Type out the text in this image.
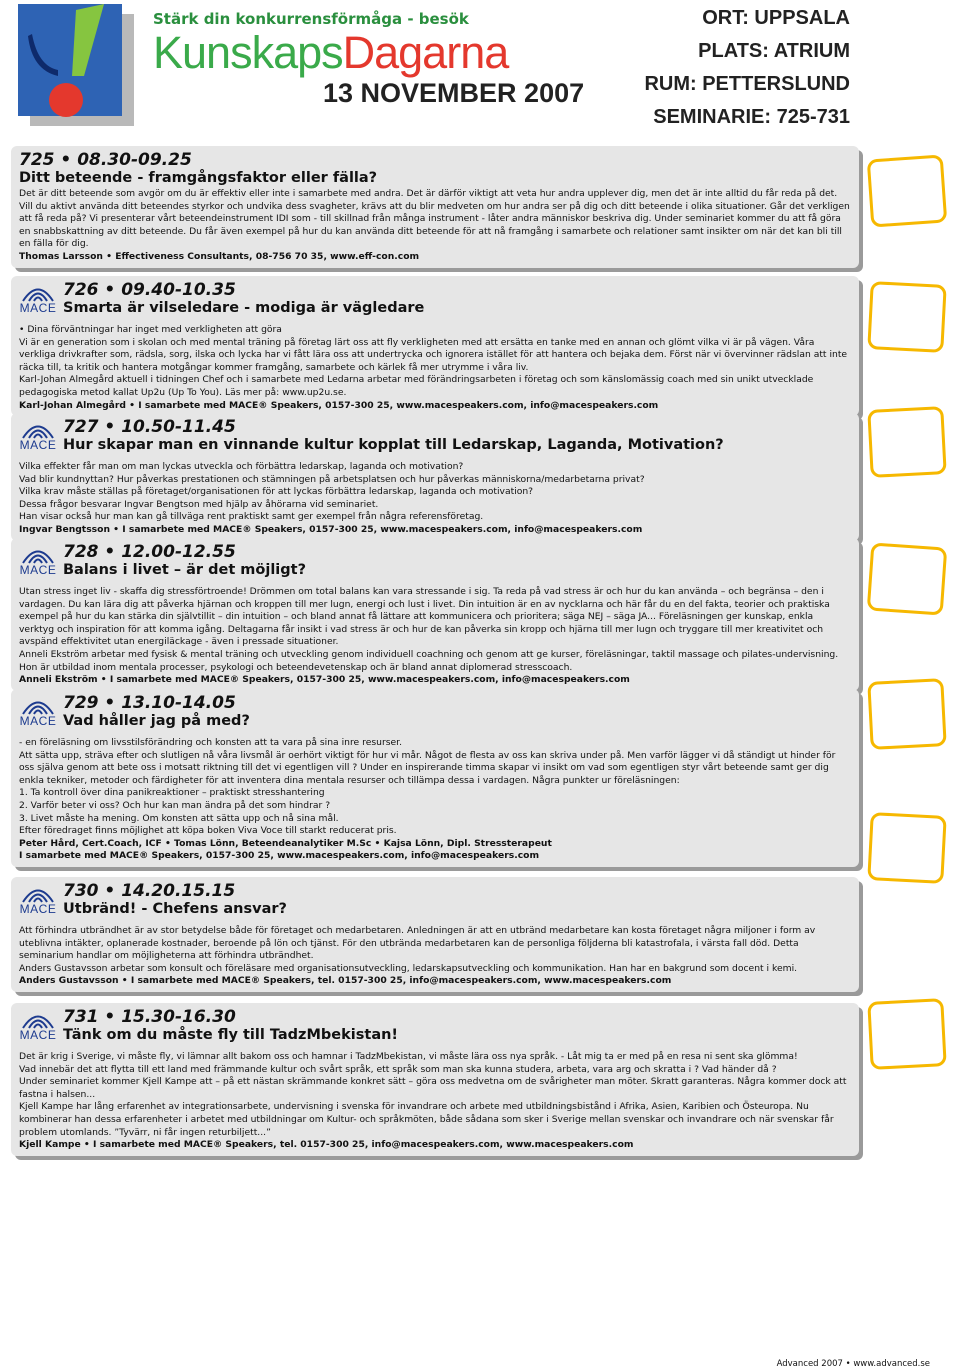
Stärk din konkurrensförmåga - besök
KunskapsDagarna
13 NOVEMBER 2007
ORT: UPPSALA
PLATS: ATRIUM
RUM: PETTERSLUND
SEMINARIE: 725-731
725 • 08.30-09.25
Ditt beteende - framgångsfaktor eller fälla?

Det är ditt beteende som avgör om du är effektiv eller inte i samarbete med andra. Det är därför viktigt att veta hur andra upplever dig, men det är inte alltid du får reda på det. Vill du aktivt använda ditt beteendes styrkor och undvika dess svagheter, krävs att du blir medveten om hur andra ser på dig och ditt beteende i olika situationer. Går det verkligen att få reda på? Vi presenterar vårt beteendeinstrument IDI som - till skillnad från många instrument - låter andra människor beskriva dig. Under seminariet kommer du att få göra en snabbskattning av ditt beteende. Du får även exempel på hur du kan använda ditt beteende för att nå framgång i samarbete och relationer samt insikter om när det kan bli till en fälla för dig.

Thomas Larsson • Effectiveness Consultants, 08-756 70 35, www.eff-con.com

MACE
726 • 09.40-10.35
Smarta är vilseledare - modiga är vägledare

• Dina förväntningar har inget med verkligheten att göra

Vi är en generation som i skolan och med mental träning på företag lärt oss att fly verkligheten med att ersätta en tanke med en annan och glömt vilka vi är på vägen. Våra verkliga drivkrafter som, rädsla, sorg, ilska och lycka har vi fått lära oss att undertrycka och ignorera istället för att hantera och bejaka dem. Först när vi övervinner rädslan att inte räcka till, ta kritik och hantera motgångar kommer framgång, samarbete och kärlek få mer utrymme i våra liv.

Karl-Johan Almegård aktuell i tidningen Chef och i samarbete med Ledarna arbetar med förändringsarbeten i företag och som känslomässig coach med sin unikt utvecklade pedagogiska metod kallat Up2u (Up To You). Läs mer på: www.up2u.se.

Karl-Johan Almegård • I samarbete med MACE® Speakers, 0157-300 25, www.macespeakers.com, info@macespeakers.com

MACE
727 • 10.50-11.45
Hur skapar man en vinnande kultur kopplat till Ledarskap, Laganda, Motivation?

Vilka effekter får man om man lyckas utveckla och förbättra ledarskap, laganda och motivation?

Vad blir kundnyttan? Hur påverkas prestationen och stämningen på arbetsplatsen och hur påverkas människorna/medarbetarna privat?

Vilka krav måste ställas på företaget/organisationen för att lyckas förbättra ledarskap, laganda och motivation?

Dessa frågor besvarar Ingvar Bengtson med hjälp av åhörarna vid seminariet.

Han visar också hur man kan gå tillväga rent praktiskt samt ger exempel från några referensföretag.

Ingvar Bengtsson • I samarbete med MACE® Speakers, 0157-300 25, www.macespeakers.com, info@macespeakers.com

MACE
728 • 12.00-12.55
Balans i livet – är det möjligt?

Utan stress inget liv - skaffa dig stressförtroende! Drömmen om total balans kan vara stressande i sig. Ta reda på vad stress är och hur du kan använda – och begränsa – den i vardagen. Du kan lära dig att påverka hjärnan och kroppen till mer lugn, energi och lust i livet. Din intuition är en av nycklarna och här får du en del fakta, teorier och praktiska exempel på hur du kan stärka din självtillit – din intuition – och bland annat få lättare att kommunicera och prioritera; säga NEJ – säga JA... Föreläsningen ger kunskap, enkla verktyg och inspiration för att komma igång. Deltagarna får insikt i vad stress är och hur de kan påverka sin kropp och hjärna till mer lugn och tryggare till mer kreativitet och avspänd effektivitet utan energiläckage - även i pressade situationer.

Anneli Ekström arbetar med fysisk & mental träning och utveckling genom individuell coachning och genom att ge kurser, föreläsningar, taktil massage och pilates-undervisning. Hon är utbildad inom mentala processer, psykologi och beteendevetenskap och är bland annat diplomerad stresscoach.

Anneli Ekström • I samarbete med MACE® Speakers, 0157-300 25, www.macespeakers.com, info@macespeakers.com

MACE
729 • 13.10-14.05
Vad håller jag på med?

- en föreläsning om livsstilsförändring och konsten att ta vara på sina inre resurser.

Att sätta upp, sträva efter och slutligen nå våra livsmål är oerhört viktigt för hur vi mår. Något de flesta av oss kan skriva under på. Men varför lägger vi då ständigt ut hinder för oss själva genom att bete oss i motsatt riktning till det vi egentligen vill ? Under en inspirerande timma skapar vi insikt om vad som egentligen styr vårt beteende samt ger dig enkla tekniker, metoder och färdigheter för att inventera dina mentala resurser och tillämpa dessa i vardagen. Några punkter ur föreläsningen:

1. Ta kontroll över dina panikreaktioner – praktiskt stresshantering

2. Varför beter vi oss? Och hur kan man ändra på det som hindrar ?

3. Livet måste ha mening. Om konsten att sätta upp och nå sina mål.

Efter föredraget finns möjlighet att köpa boken Viva Voce till starkt reducerat pris.

Peter Hård, Cert.Coach, ICF • Tomas Lönn, Beteendeanalytiker M.Sc • Kajsa Lönn, Dipl. Stressterapeut
I samarbete med MACE® Speakers, 0157-300 25, www.macespeakers.com, info@macespeakers.com

MACE
730 • 14.20.15.15
Utbränd! - Chefens ansvar?

Att förhindra utbrändhet är av stor betydelse både för företaget och medarbetaren. Anledningen är att en utbränd medarbetare kan kosta företaget några miljoner i form av uteblivna intäkter, oplanerade kostnader, beroende på lön och tjänst. För den utbrända medarbetaren kan de personliga följderna bli katastrofala, i värsta fall död. Detta seminarium handlar om möjligheterna att förhindra utbrändhet.

Anders Gustavsson arbetar som konsult och föreläsare med organisationsutveckling, ledarskapsutveckling och kommunikation. Han har en bakgrund som docent i kemi.

Anders Gustavsson • I samarbete med MACE® Speakers, tel. 0157-300 25, info@macespeakers.com, www.macespeakers.com

MACE
731 • 15.30-16.30
Tänk om du måste fly till TadzMbekistan!

Det är krig i Sverige, vi måste fly, vi lämnar allt bakom oss och hamnar i TadzMbekistan, vi måste lära oss nya språk. - Låt mig ta er med på en resa ni sent ska glömma!

Vad innebär det att flytta till ett land med främmande kultur och svårt språk, ett språk som man ska kunna studera, arbeta, vara arg och skratta i ? Vad händer då ?

Under seminariet kommer Kjell Kampe att – på ett nästan skrämmande konkret sätt – göra oss medvetna om de svårigheter man möter. Skratt garanteras. Några kommer dock att fastna i halsen...

Kjell Kampe har lång erfarenhet av integrationsarbete, undervisning i svenska för invandrare och arbete med utbildningsbistånd i Afrika, Asien, Karibien och Östeuropa. Nu kombinerar han dessa erfarenheter i arbetet med utbildningar om Kultur- och språkmöten, både sådana som sker i Sverige mellan svenskar och invandrare och när svenskar får problem utomlands. ”Tyvärr, ni får ingen returbiljett...”

Kjell Kampe • I samarbete med MACE® Speakers, tel. 0157-300 25, info@macespeakers.com, www.macespeakers.com

Advanced 2007 • www.advanced.se
